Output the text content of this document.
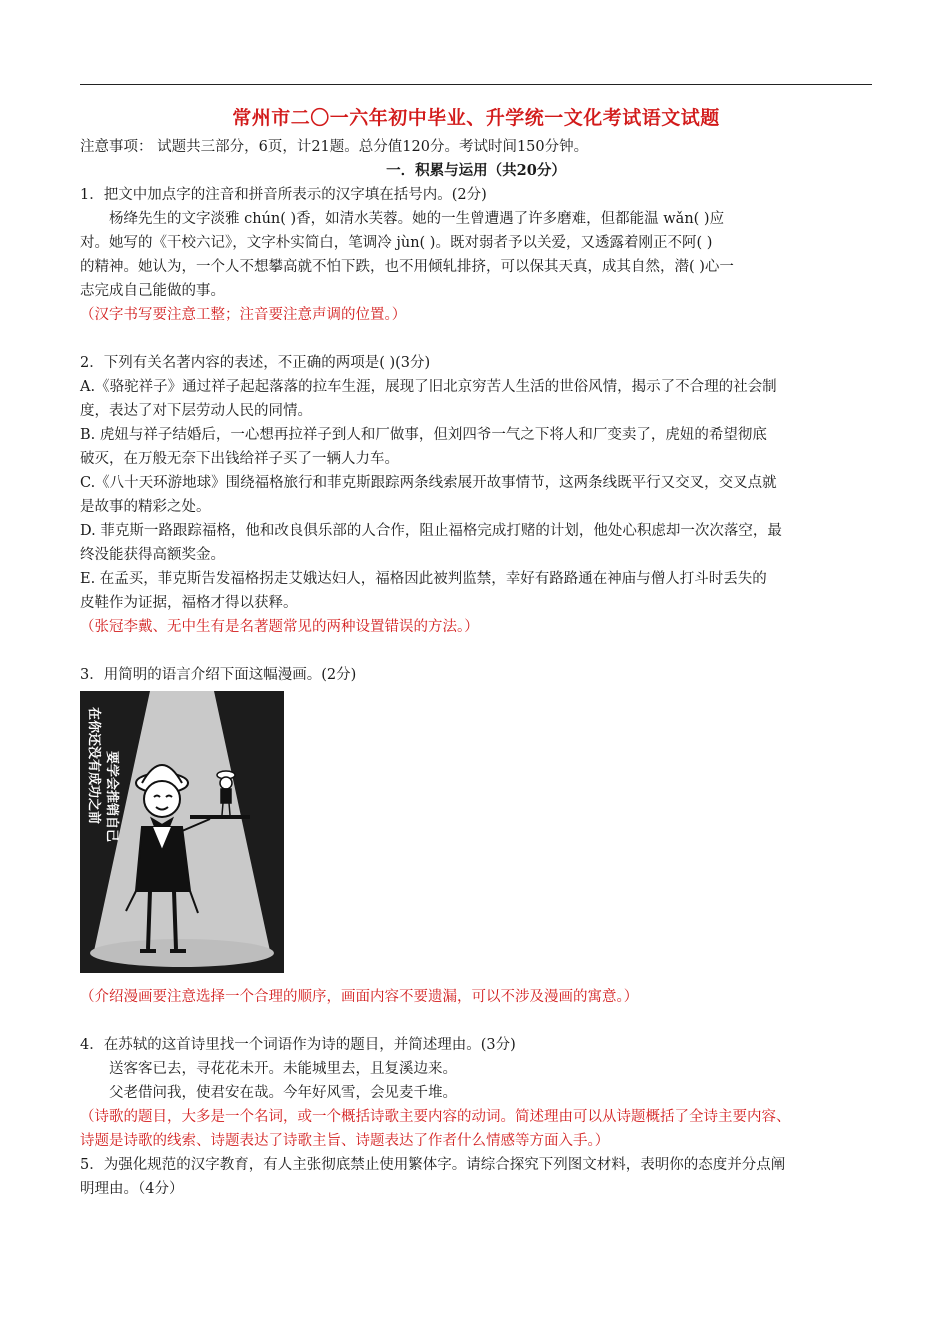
常州市二〇一六年初中毕业、升学统一文化考试语文试题

注意事项： 试题共三部分，6页，计21题。总分值120分。考试时间150分钟。

一．积累与运用（共20分）

1．把文中加点字的注音和拼音所表示的汉字填在括号内。(2分)

杨绛先生的文字淡雅 chún( )香，如清水芙蓉。她的一生曾遭遇了许多磨难，但都能温 wǎn( )应

对。她写的《干校六记》，文字朴实简白，笔调冷 jùn( )。既对弱者予以关爱，又透露着刚正不阿( )

的精神。她认为，一个人不想攀高就不怕下跌，也不用倾轧排挤，可以保其天真，成其自然，潜( )心一

志完成自己能做的事。

（汉字书写要注意工整；注音要注意声调的位置。）

2．下列有关名著内容的表述，不正确的两项是( )(3分)

A.《骆驼祥子》通过祥子起起落落的拉车生涯，展现了旧北京穷苦人生活的世俗风情，揭示了不合理的社会制

度，表达了对下层劳动人民的同情。

B. 虎妞与祥子结婚后，一心想再拉祥子到人和厂做事，但刘四爷一气之下将人和厂变卖了，虎妞的希望彻底

破灭，在万般无奈下出钱给祥子买了一辆人力车。

C.《八十天环游地球》围绕福格旅行和菲克斯跟踪两条线索展开故事情节，这两条线既平行又交叉，交叉点就

是故事的精彩之处。

D. 菲克斯一路跟踪福格，他和改良俱乐部的人合作，阻止福格完成打赌的计划，他处心积虑却一次次落空，最

终没能获得高额奖金。

E. 在孟买，菲克斯告发福格拐走艾娥达妇人，福格因此被判监禁，幸好有路路通在神庙与僧人打斗时丢失的

皮鞋作为证据，福格才得以获释。

（张冠李戴、无中生有是名著题常见的两种设置错误的方法。）

3．用简明的语言介绍下面这幅漫画。(2分)

在你还没有成功之前 要学会推销自己

（介绍漫画要注意选择一个合理的顺序，画面内容不要遗漏，可以不涉及漫画的寓意。）

4．在苏轼的这首诗里找一个词语作为诗的题目，并简述理由。(3分)

送客客已去，寻花花未开。未能城里去，且复溪边来。

父老借问我，使君安在哉。今年好风雪，会见麦千堆。

（诗歌的题目，大多是一个名词，或一个概括诗歌主要内容的动词。简述理由可以从诗题概括了全诗主要内容、

诗题是诗歌的线索、诗题表达了诗歌主旨、诗题表达了作者什么情感等方面入手。）

5．为强化规范的汉字教育，有人主张彻底禁止使用繁体字。请综合探究下列图文材料，表明你的态度并分点阐

明理由。（4分）
